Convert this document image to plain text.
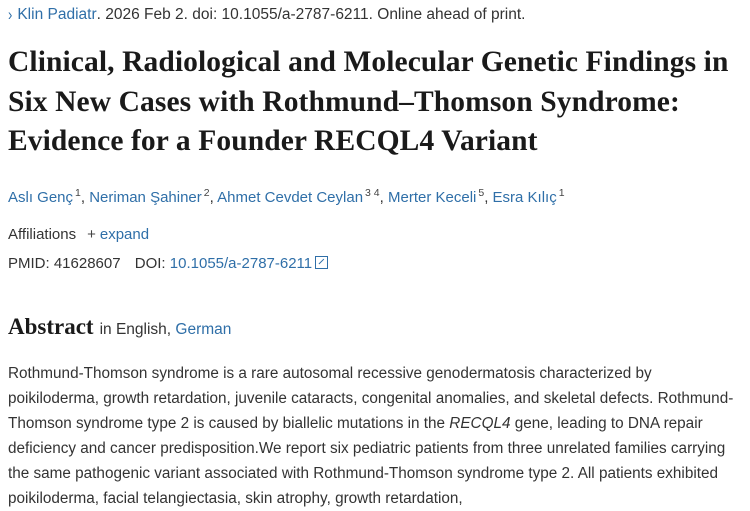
› Klin Padiatr . 2026 Feb 2. doi: 10.1055/a-2787-6211. Online ahead of print.
Clinical, Radiological and Molecular Genetic Findings in Six New Cases with Rothmund–Thomson Syndrome: Evidence for a Founder RECQL4 Variant
Aslı Genç $^1$, Neriman Şahiner $^2$, Ahmet Cevdet Ceylan $^{3 4}$, Merter Keceli $^5$, Esra Kılıç $^1$
Affiliations + expand
PMID: 41628607 DOI: 10.1055/a-2787-6211
Abstract in English, German
Rothmund-Thomson syndrome is a rare autosomal recessive genodermatosis characterized by poikiloderma, growth retardation, juvenile cataracts, congenital anomalies, and skeletal defects. Rothmund-Thomson syndrome type 2 is caused by biallelic mutations in the RECQL4 gene, leading to DNA repair deficiency and cancer predisposition.We report six pediatric patients from three unrelated families carrying the same pathogenic variant associated with Rothmund-Thomson syndrome type 2. All patients exhibited poikiloderma, facial telangiectasia, skin atrophy, growth retardation,
